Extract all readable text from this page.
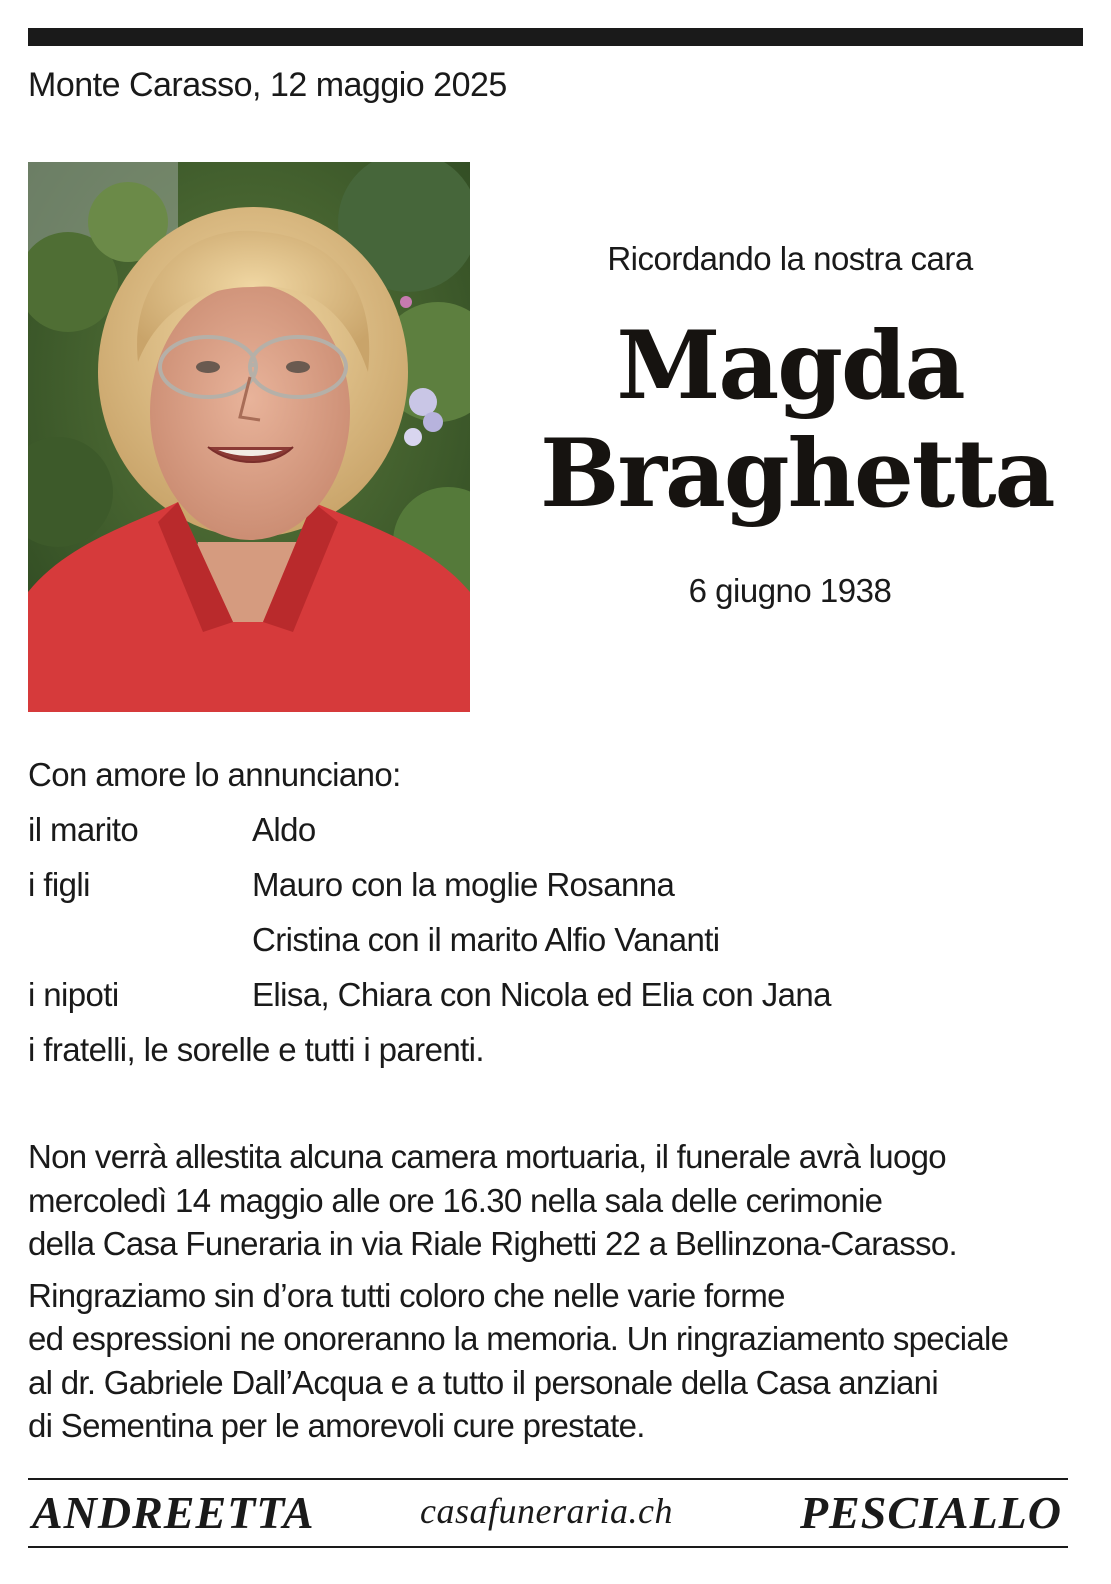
Monte Carasso, 12 maggio 2025
Ricordando la nostra cara
Magda
Braghetta
6 giugno 1938
Con amore lo annunciano:
il marito	Aldo
i figli	Mauro con la moglie Rosanna
Cristina con il marito Alfio Vananti
i nipoti	Elisa, Chiara con Nicola ed Elia con Jana
i fratelli, le sorelle e tutti i parenti.

Non verrà allestita alcuna camera mortuaria, il funerale avrà luogo
mercoledì 14 maggio alle ore 16.30 nella sala delle cerimonie
della Casa Funeraria in via Riale Righetti 22 a Bellinzona-Carasso.

Ringraziamo sin d’ora tutti coloro che nelle varie forme
ed espressioni ne onoreranno la memoria. Un ringraziamento speciale
al dr. Gabriele Dall’Acqua e a tutto il personale della Casa anziani
di Sementina per le amorevoli cure prestate.

ANDREETTA	casafuneraria.ch	PESCIALLO
